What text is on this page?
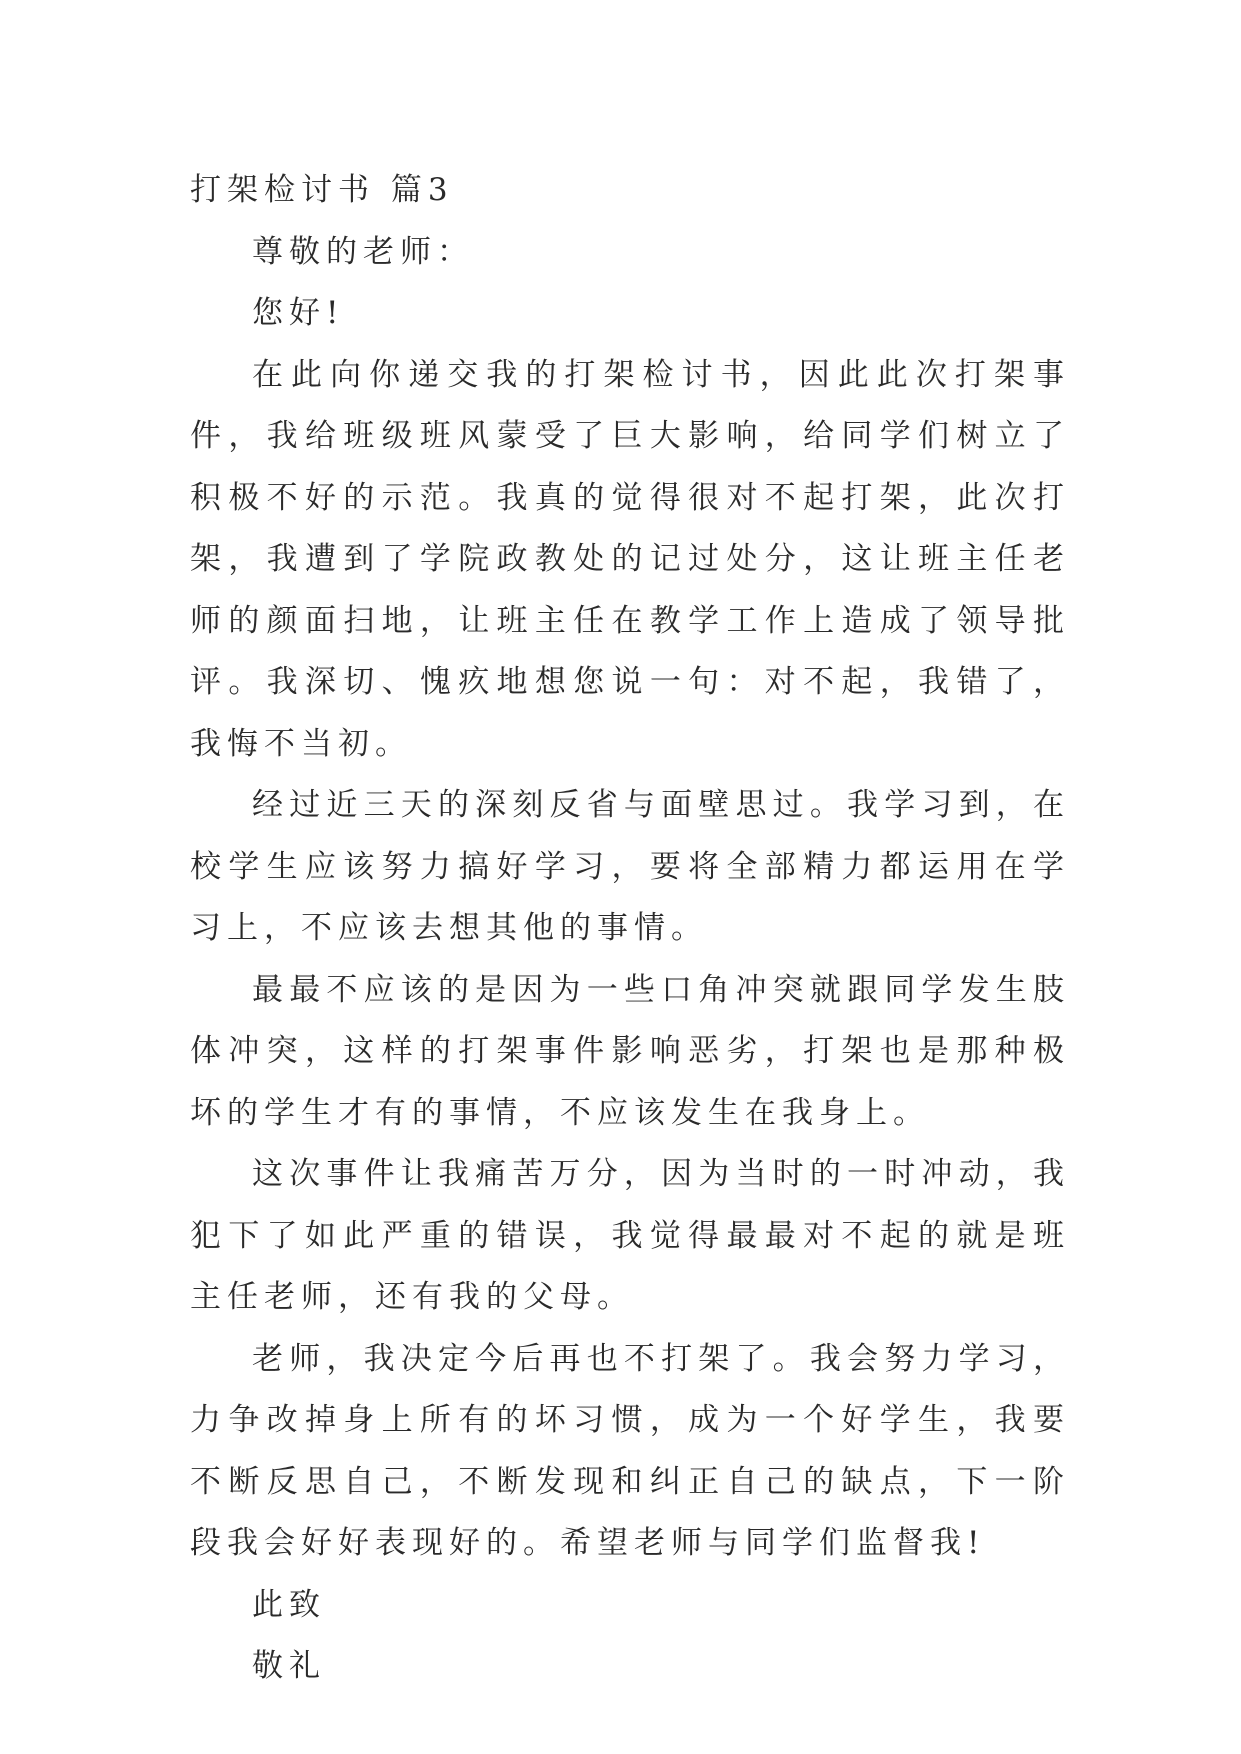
打架检讨书 篇3

尊敬的老师：

您好!

在此向你递交我的打架检讨书，因此此次打架事件，我给班级班风蒙受了巨大影响，给同学们树立了积极不好的示范。我真的觉得很对不起打架，此次打架，我遭到了学院政教处的记过处分，这让班主任老师的颜面扫地，让班主任在教学工作上造成了领导批评。我深切、愧疚地想您说一句：对不起，我错了，我悔不当初。

经过近三天的深刻反省与面壁思过。我学习到，在校学生应该努力搞好学习，要将全部精力都运用在学习上，不应该去想其他的事情。

最最不应该的是因为一些口角冲突就跟同学发生肢体冲突，这样的打架事件影响恶劣，打架也是那种极坏的学生才有的事情，不应该发生在我身上。

这次事件让我痛苦万分，因为当时的一时冲动，我犯下了如此严重的错误，我觉得最最对不起的就是班主任老师，还有我的父母。

老师，我决定今后再也不打架了。我会努力学习，力争改掉身上所有的坏习惯，成为一个好学生，我要不断反思自己，不断发现和纠正自己的缺点，下一阶段我会好好表现好的。希望老师与同学们监督我!

此致

敬礼
